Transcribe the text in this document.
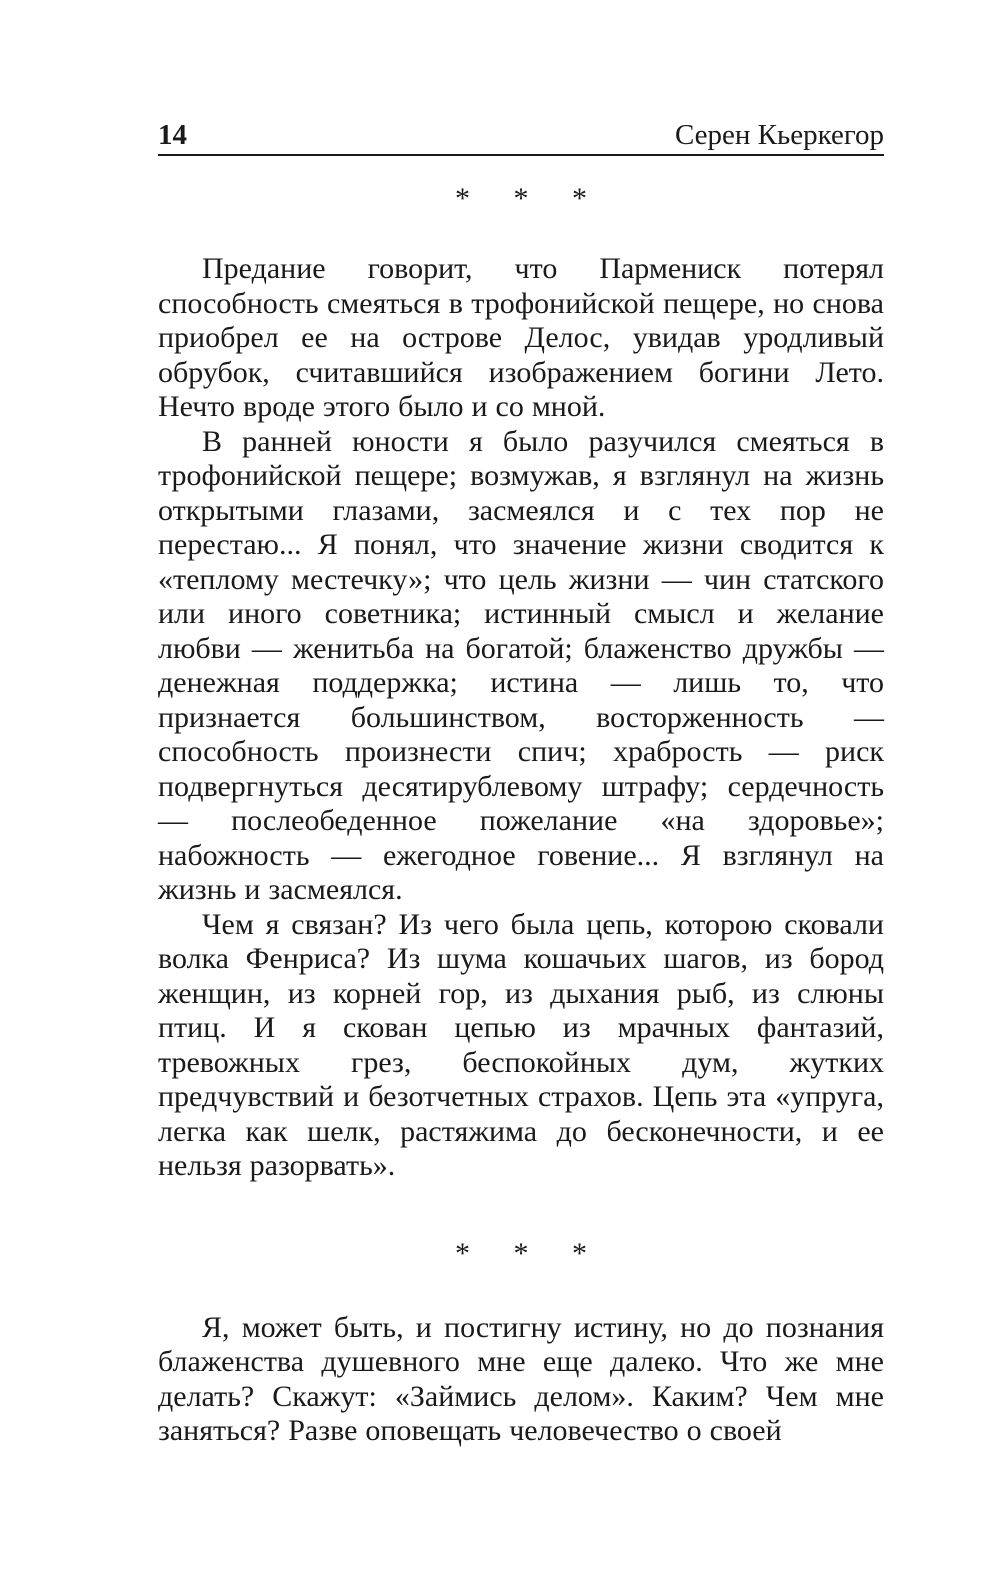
14	Серен Кьеркегор
* * *

Предание говорит, что Пармениск потерял способность смеяться в трофонийской пещере, но снова приобрел ее на острове Делос, увидав уродливый обрубок, считавшийся изображением богини Лето. Нечто вроде этого было и со мной.

В ранней юности я было разучился смеяться в трофонийской пещере; возмужав, я взглянул на жизнь открытыми глазами, засмеялся и с тех пор не перестаю... Я понял, что значение жизни сводится к «теплому местечку»; что цель жизни — чин статского или иного советника; истинный смысл и желание любви — женитьба на богатой; блаженство дружбы — денежная поддержка; истина — лишь то, что признается большинством, восторженность — способность произнести спич; храбрость — риск подвергнуться десятирублевому штрафу; сердечность — послеобеденное пожелание «на здоровье»; набожность — ежегодное говение... Я взглянул на жизнь и засмеялся.

Чем я связан? Из чего была цепь, которою сковали волка Фенриса? Из шума кошачьих шагов, из бород женщин, из корней гор, из дыхания рыб, из слюны птиц. И я скован цепью из мрачных фантазий, тревожных грез, беспокойных дум, жутких предчувствий и безотчетных страхов. Цепь эта «упруга, легка как шелк, растяжима до бесконечности, и ее нельзя разорвать».

* * *

Я, может быть, и постигну истину, но до познания блаженства душевного мне еще далеко. Что же мне делать? Скажут: «Займись делом». Каким? Чем мне заняться? Разве оповещать человечество о своей
